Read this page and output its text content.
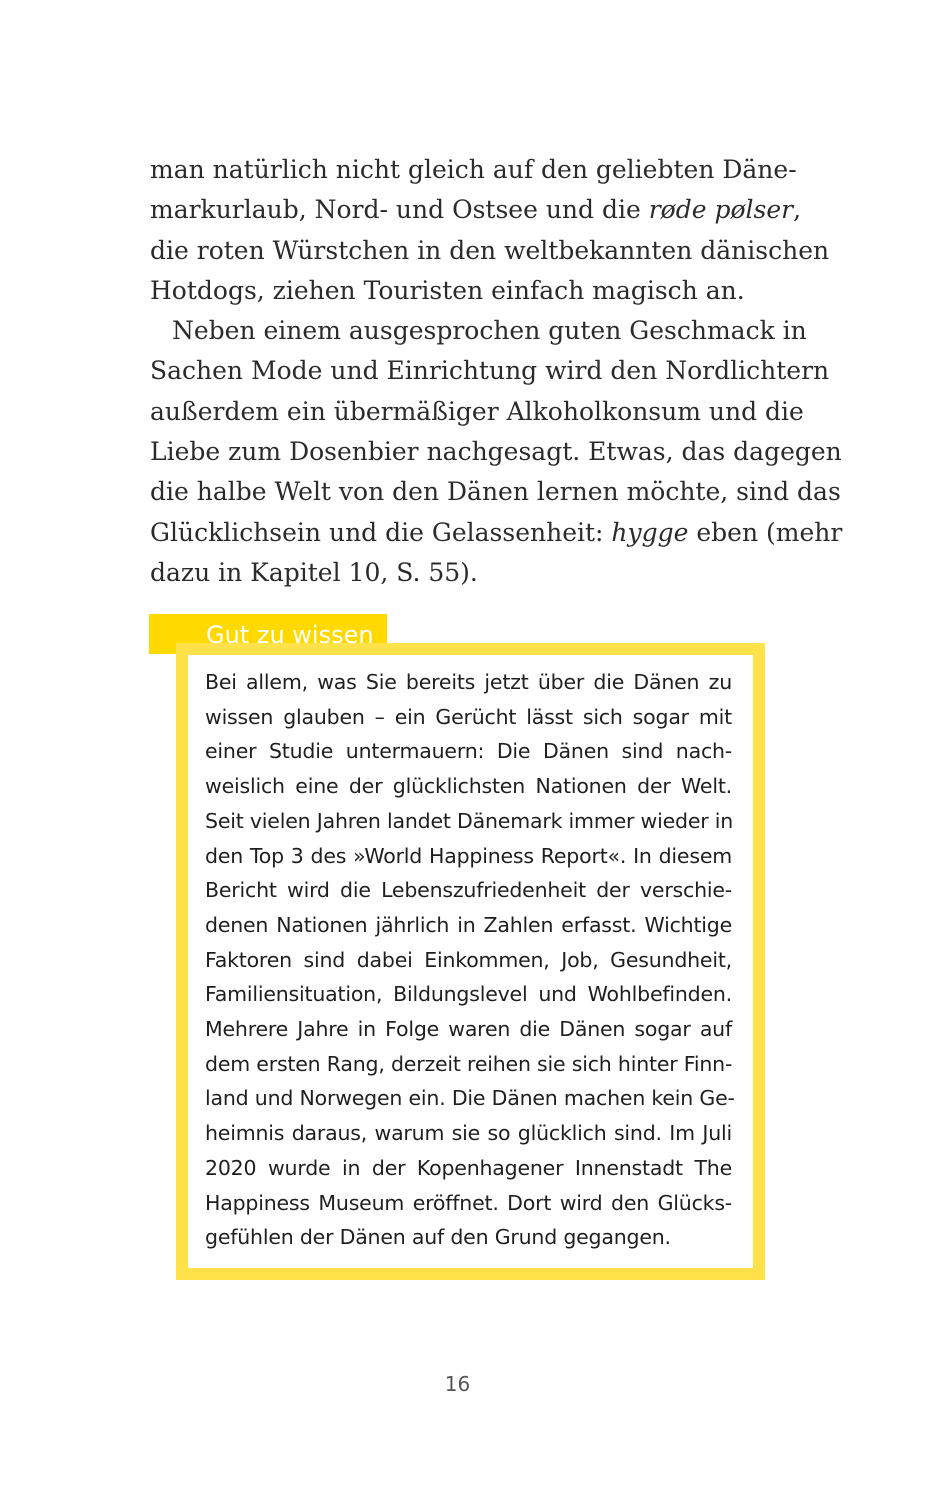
man natürlich nicht gleich auf den geliebten Däne-
markurlaub, Nord- und Ostsee und die røde pølser,
die roten Würstchen in den weltbekannten dänischen
Hotdogs, ziehen Touristen einfach magisch an.

Neben einem ausgesprochen guten Geschmack in
Sachen Mode und Einrichtung wird den Nordlichtern
außerdem ein übermäßiger Alkoholkonsum und die
Liebe zum Dosenbier nachgesagt. Etwas, das dagegen
die halbe Welt von den Dänen lernen möchte, sind das
Glücklichsein und die Gelassenheit: hygge eben (mehr
dazu in Kapitel 10, S. 55).

Gut zu wissen
Bei allem, was Sie bereits jetzt über die Dänen zu
wissen glauben – ein Gerücht lässt sich sogar mit
einer Studie untermauern: Die Dänen sind nach-
weislich eine der glücklichsten Nationen der Welt.
Seit vielen Jahren landet Dänemark immer wieder in
den Top 3 des »World Happiness Report«. In diesem
Bericht wird die Lebenszufriedenheit der verschie-
denen Nationen jährlich in Zahlen erfasst. Wichtige
Faktoren sind dabei Einkommen, Job, Gesundheit,
Familiensituation, Bildungslevel und Wohlbefinden.
Mehrere Jahre in Folge waren die Dänen sogar auf
dem ersten Rang, derzeit reihen sie sich hinter Finn-
land und Norwegen ein. Die Dänen machen kein Ge-
heimnis daraus, warum sie so glücklich sind. Im Juli
2020 wurde in der Kopenhagener Innenstadt The
Happiness Museum eröffnet. Dort wird den Glücks-
gefühlen der Dänen auf den Grund gegangen.
16
